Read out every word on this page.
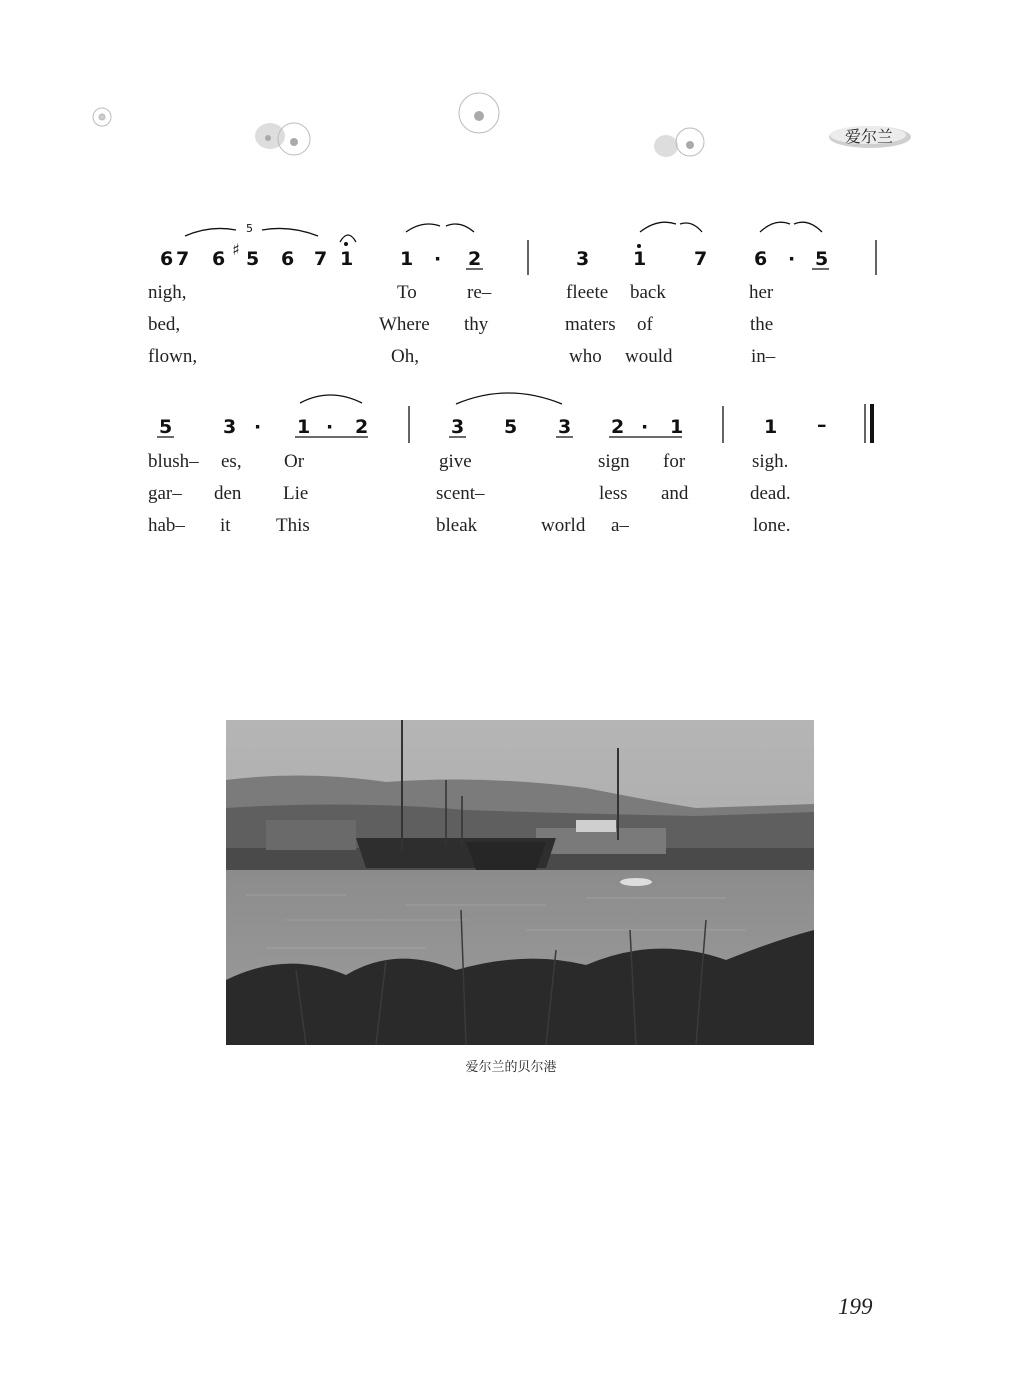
爱尔兰
6 7 6 ♯ 5
5
6 7 1 1 · 2	3 1	7 6 · 5
nigh,	To	re–	fleete back	her
bed,	Where thy	maters of	the
flown,	Oh,	who would	in–
5	3 · 1 · 2	3 5 3 2 · 1	1 –
blush– es, Or	give	sign for	sigh.
gar– den Lie	scent–	less and	dead.
hab– it This	bleak	world a–	lone.
爱尔兰的贝尔港
199
